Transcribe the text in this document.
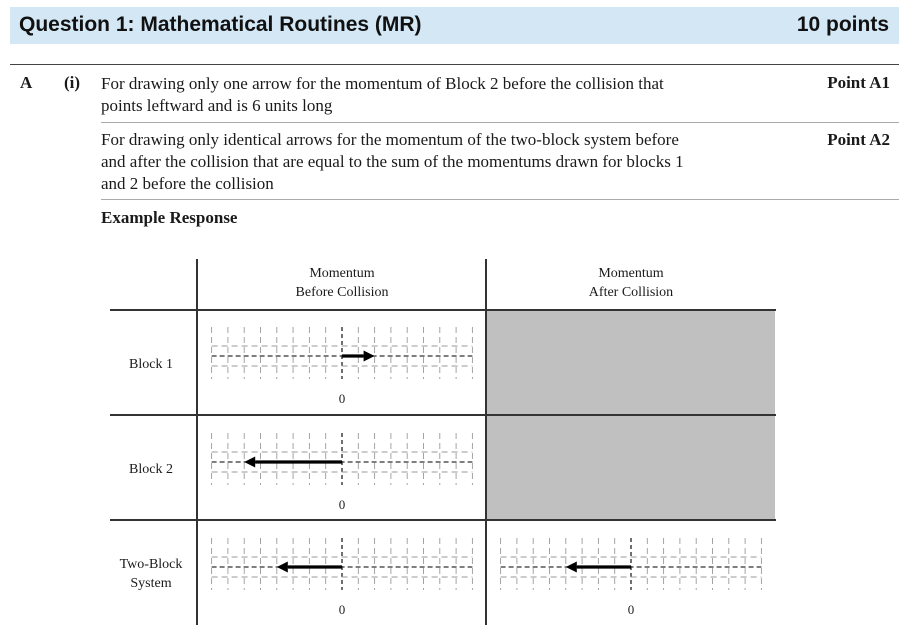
Question 1: Mathematical Routines (MR)	10 points
A (i) For drawing only one arrow for the momentum of Block 2 before the collision that
points leftward and is 6 units long
Point A1
For drawing only identical arrows for the momentum of the two-block system before
and after the collision that are equal to the sum of the momentums drawn for blocks 1
and 2 before the collision
Point A2
Example Response
Momentum
Before Collision
Momentum
After Collision
Block 1
Block 2
Two-Block
System
0
0
0	0
